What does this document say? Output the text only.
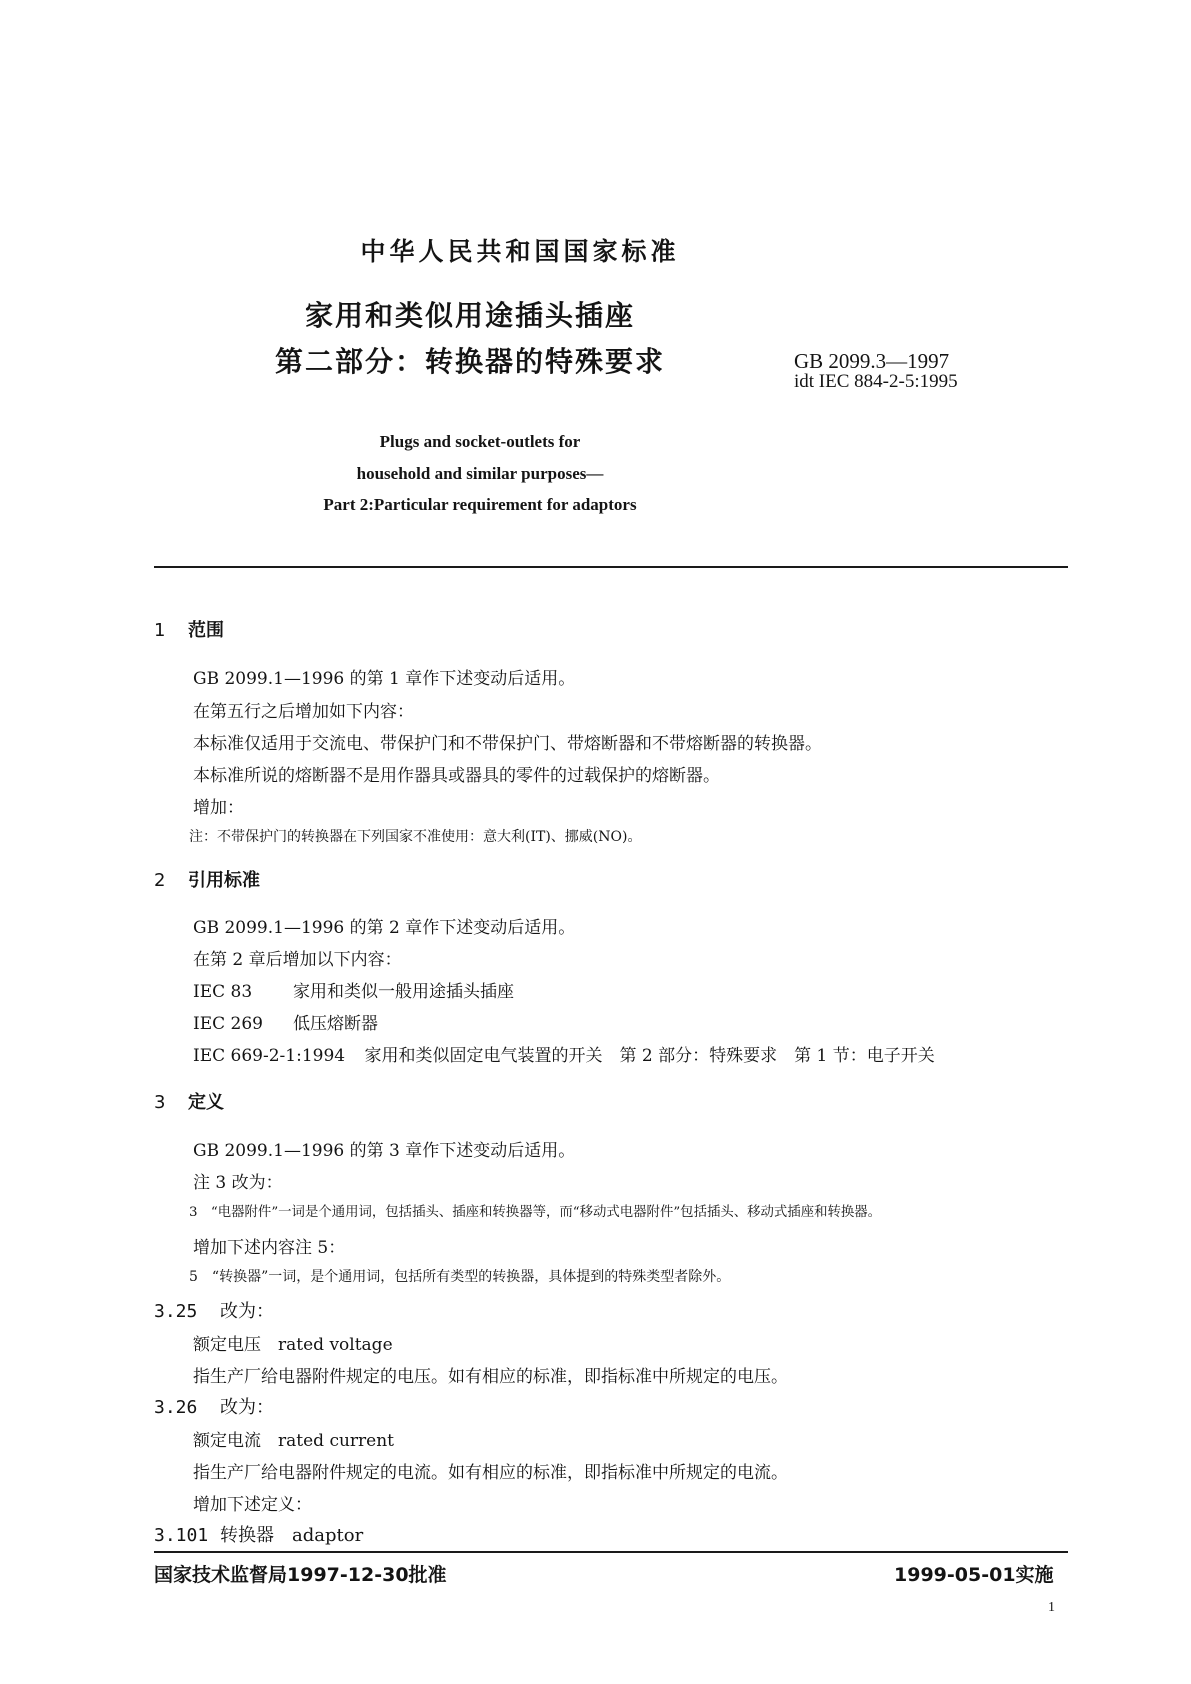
中华人民共和国国家标准
家用和类似用途插头插座
第二部分：转换器的特殊要求	GB 2099.3—1997
idt IEC 884-2-5:1995
Plugs and socket-outlets for
household and similar purposes—
Part 2:Particular requirement for adaptors
1 范围
GB 2099.1—1996 的第 1 章作下述变动后适用。
在第五行之后增加如下内容：
本标准仅适用于交流电、带保护门和不带保护门、带熔断器和不带熔断器的转换器。
本标准所说的熔断器不是用作器具或器具的零件的过载保护的熔断器。
增加：
注：不带保护门的转换器在下列国家不准使用：意大利(IT)、挪威(NO)。
2 引用标准
GB 2099.1—1996 的第 2 章作下述变动后适用。
在第 2 章后增加以下内容：
IEC 83 家用和类似一般用途插头插座
IEC 269 低压熔断器
IEC 669-2-1:1994 家用和类似固定电气装置的开关　第 2 部分：特殊要求　第 1 节：电子开关
3 定义
GB 2099.1—1996 的第 3 章作下述变动后适用。
注 3 改为：
3　“电器附件”一词是个通用词，包括插头、插座和转换器等，而“移动式电器附件”包括插头、移动式插座和转换器。
增加下述内容注 5：
5　“转换器”一词，是个通用词，包括所有类型的转换器，具体提到的特殊类型者除外。
3.25 改为：
额定电压　rated voltage
指生产厂给电器附件规定的电压。如有相应的标准，即指标准中所规定的电压。
3.26 改为：
额定电流　rated current
指生产厂给电器附件规定的电流。如有相应的标准，即指标准中所规定的电流。
增加下述定义：
3.101 转换器　adaptor
国家技术监督局1997-12-30批准	1999-05-01实施
1
